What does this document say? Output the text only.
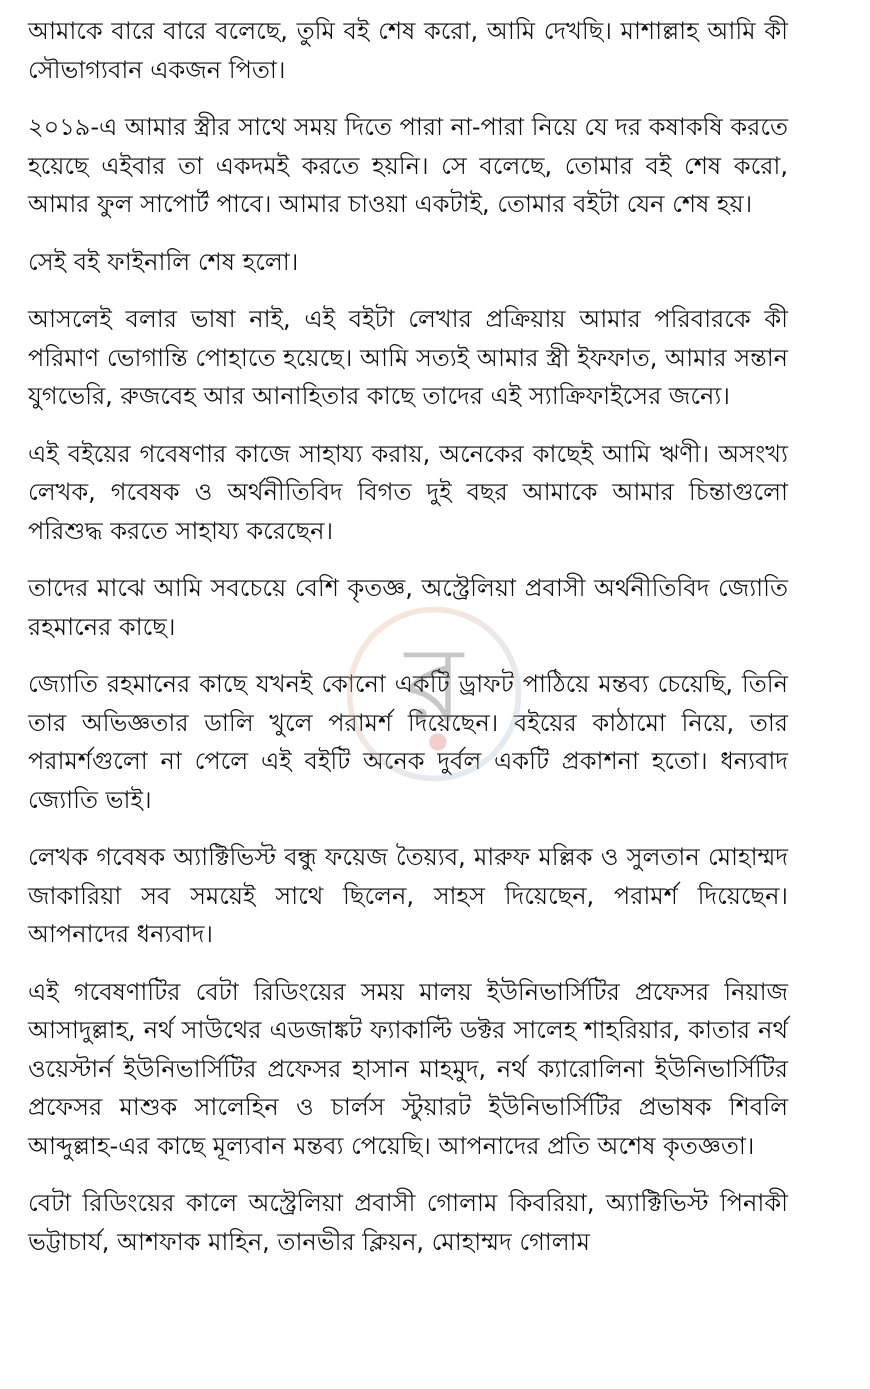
আমাকে বারে বারে বলেছে, তুমি বই শেষ করো, আমি দেখছি। মাশাল্লাহ আমি কী সৌভাগ্যবান একজন পিতা।

২০১৯-এ আমার স্ত্রীর সাথে সময় দিতে পারা না-পারা নিয়ে যে দর কষাকষি করতে হয়েছে এইবার তা একদমই করতে হয়নি। সে বলেছে, তোমার বই শেষ করো, আমার ফুল সাপোর্ট পাবে। আমার চাওয়া একটাই, তোমার বইটা যেন শেষ হয়।

সেই বই ফাইনালি শেষ হলো।

আসলেই বলার ভাষা নাই, এই বইটা লেখার প্রক্রিয়ায় আমার পরিবারকে কী পরিমাণ ভোগান্তি পোহাতে হয়েছে। আমি সত্যই আমার স্ত্রী ইফফাত, আমার সন্তান যুগভেরি, রুজবেহ আর আনাহিতার কাছে তাদের এই স্যাক্রিফাইসের জন্যে।

এই বইয়ের গবেষণার কাজে সাহায্য করায়, অনেকের কাছেই আমি ঋণী। অসংখ্য লেখক, গবেষক ও অর্থনীতিবিদ বিগত দুই বছর আমাকে আমার চিন্তাগুলো পরিশুদ্ধ করতে সাহায্য করেছেন।

তাদের মাঝে আমি সবচেয়ে বেশি কৃতজ্ঞ, অস্ট্রেলিয়া প্রবাসী অর্থনীতিবিদ জ্যোতি রহমানের কাছে।

জ্যোতি রহমানের কাছে যখনই কোনো একটি ড্রাফট পাঠিয়ে মন্তব্য চেয়েছি, তিনি তার অভিজ্ঞতার ডালি খুলে পরামর্শ দিয়েছেন। বইয়ের কাঠামো নিয়ে, তার পরামর্শগুলো না পেলে এই বইটি অনেক দুর্বল একটি প্রকাশনা হতো। ধন্যবাদ জ্যোতি ভাই।

লেখক গবেষক অ্যাক্টিভিস্ট বন্ধু ফয়েজ তৈয়্যব, মারুফ মল্লিক ও সুলতান মোহাম্মদ জাকারিয়া সব সময়েই সাথে ছিলেন, সাহস দিয়েছেন, পরামর্শ দিয়েছেন। আপনাদের ধন্যবাদ।

এই গবেষণাটির বেটা রিডিংয়ের সময় মালয় ইউনিভার্সিটির প্রফেসর নিয়াজ আসাদুল্লাহ, নর্থ সাউথের এডজাঙ্কট ফ্যাকাল্টি ডক্টর সালেহ শাহরিয়ার, কাতার নর্থ ওয়েস্টার্ন ইউনিভার্সিটির প্রফেসর হাসান মাহমুদ, নর্থ ক্যারোলিনা ইউনিভার্সিটির প্রফেসর মাশুক সালেহিন ও চার্লস স্টুয়ারট ইউনিভার্সিটির প্রভাষক শিবলি আব্দুল্লাহ-এর কাছে মূল্যবান মন্তব্য পেয়েছি। আপনাদের প্রতি অশেষ কৃতজ্ঞতা।

বেটা রিডিংয়ের কালে অস্ট্রেলিয়া প্রবাসী গোলাম কিবরিয়া, অ্যাক্টিভিস্ট পিনাকী ভট্টাচার্য, আশফাক মাহিন, তানভীর ক্লিয়ন, মোহাম্মদ গোলাম

র
